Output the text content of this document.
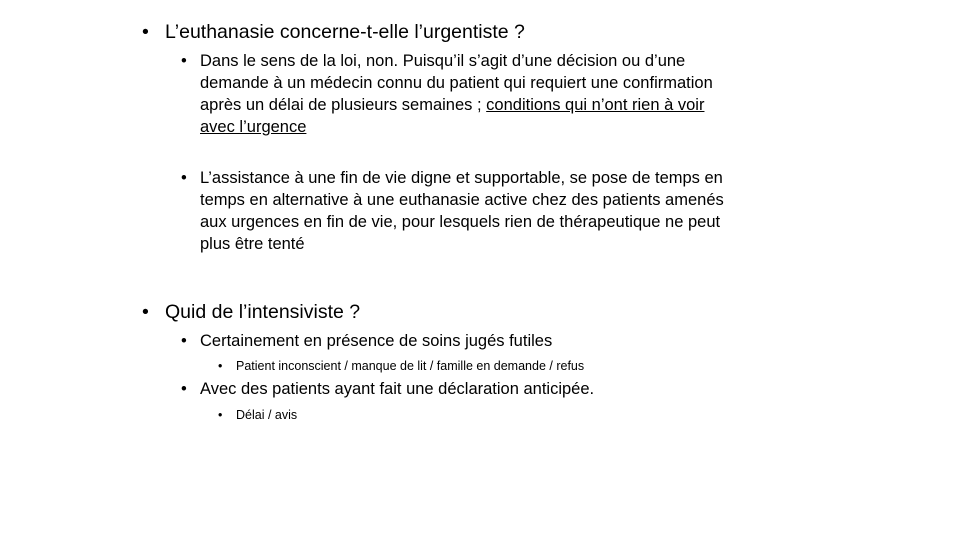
• L’euthanasie concerne-t-elle l’urgentiste ?
• Dans le sens de la loi, non. Puisqu’il s’agit d’une décision ou d’une
demande à un médecin connu du patient qui requiert une confirmation
après un délai de plusieurs semaines ; conditions qui n’ont rien à voir
avec l’urgence
• L’assistance à une fin de vie digne et supportable, se pose de temps en
temps en alternative à une euthanasie active chez des patients amenés
aux urgences en fin de vie, pour lesquels rien de thérapeutique ne peut
plus être tenté
• Quid de l’intensiviste ?
• Certainement en présence de soins jugés futiles
• Patient inconscient / manque de lit / famille en demande / refus
• Avec des patients ayant fait une déclaration anticipée.
• Délai / avis
